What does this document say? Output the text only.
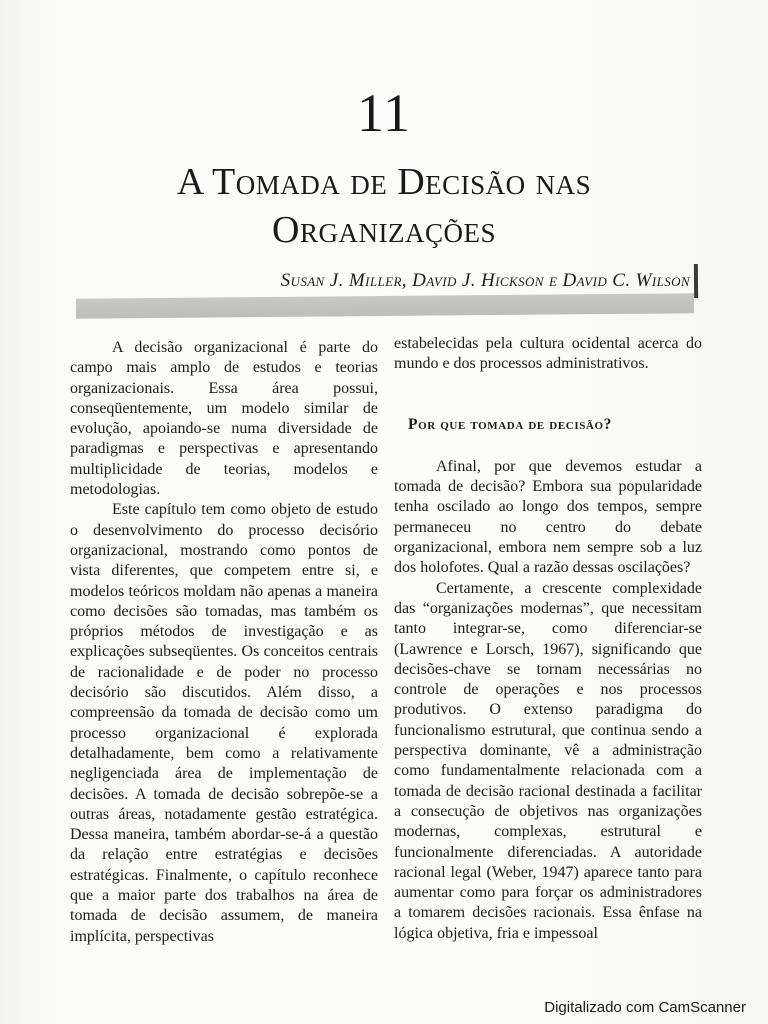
11
A Tomada de Decisão nas
Organizações
Susan J. Miller, David J. Hickson e David C. Wilson

A decisão organizacional é parte do campo mais amplo de estudos e teorias organizacionais. Essa área possui, conseqüentemente, um modelo similar de evolução, apoiando-se numa diversidade de paradigmas e perspectivas e apresentando multiplicidade de teorias, modelos e metodologias.

Este capítulo tem como objeto de estudo o desenvolvimento do processo decisório organizacional, mostrando como pontos de vista diferentes, que competem entre si, e modelos teóricos moldam não apenas a maneira como decisões são tomadas, mas também os próprios métodos de investigação e as explicações subseqüentes. Os conceitos centrais de racionalidade e de poder no processo decisório são discutidos. Além disso, a compreensão da tomada de decisão como um processo organizacional é explorada detalhadamente, bem como a relativamente negligenciada área de implementação de decisões. A tomada de decisão sobrepõe-se a outras áreas, notadamente gestão estratégica. Dessa maneira, também abordar-se-á a questão da relação entre estratégias e decisões estratégicas. Finalmente, o capítulo reconhece que a maior parte dos trabalhos na área de tomada de decisão assumem, de maneira implícita, perspectivas

estabelecidas pela cultura ocidental acerca do mundo e dos processos administrativos.

Por que tomada de decisão?

Afinal, por que devemos estudar a tomada de decisão? Embora sua popularidade tenha oscilado ao longo dos tempos, sempre permaneceu no centro do debate organizacional, embora nem sempre sob a luz dos holofotes. Qual a razão dessas oscilações?

Certamente, a crescente complexidade das “organizações modernas”, que necessitam tanto integrar-se, como diferenciar-se (Lawrence e Lorsch, 1967), significando que decisões-chave se tornam necessárias no controle de operações e nos processos produtivos. O extenso paradigma do funcionalismo estrutural, que continua sendo a perspectiva dominante, vê a administração como fundamentalmente relacionada com a tomada de decisão racional destinada a facilitar a consecução de objetivos nas organizações modernas, complexas, estrutural e funcionalmente diferenciadas. A autoridade racional legal (Weber, 1947) aparece tanto para aumentar como para forçar os administradores a tomarem decisões racionais. Essa ênfase na lógica objetiva, fria e impessoal

Digitalizado com CamScanner
